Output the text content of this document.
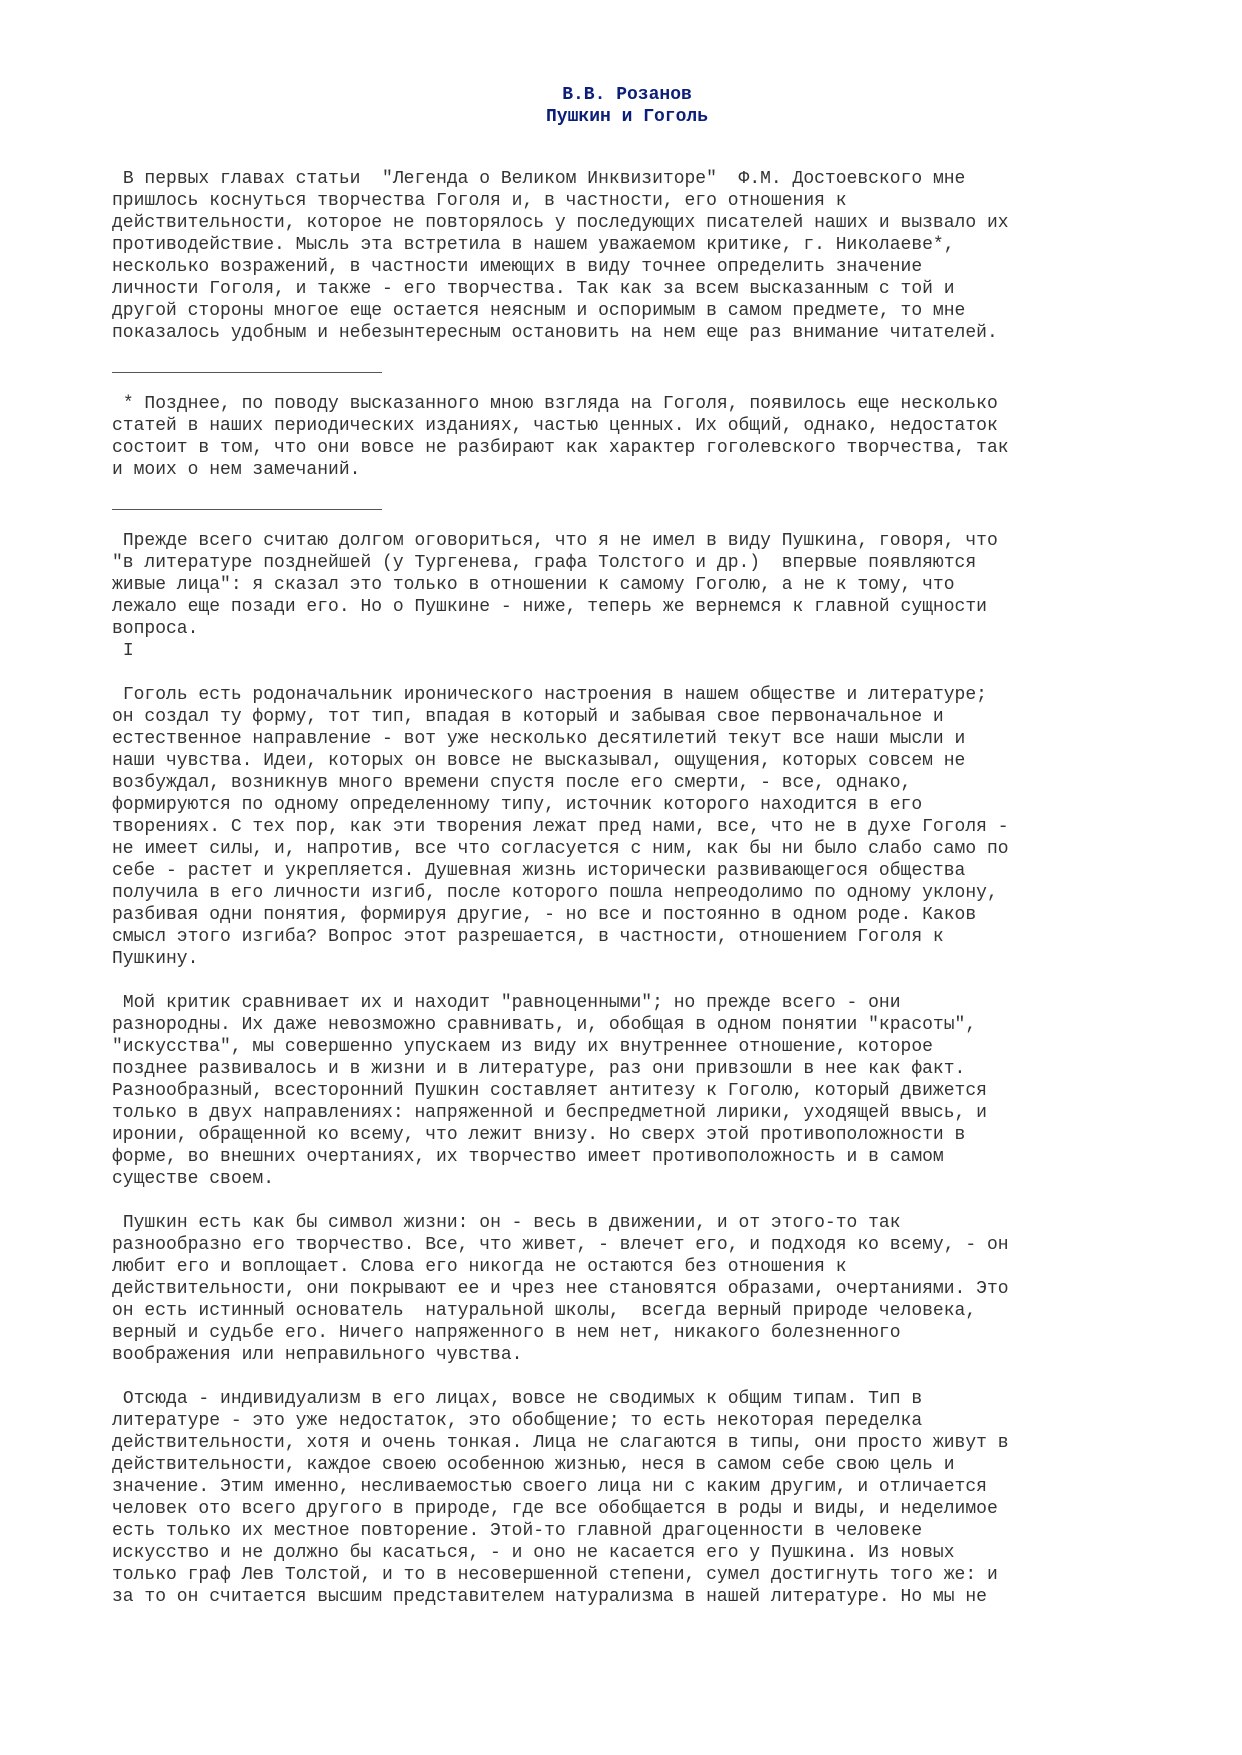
В.В. Розанов
Пушкин и Гоголь

В первых главах статьи  "Легенда о Великом Инквизиторе"  Ф.М. Достоевского мне
пришлось коснуться творчества Гоголя и, в частности, его отношения к
действительности, которое не повторялось у последующих писателей наших и вызвало их
противодействие. Мысль эта встретила в нашем уважаемом критике, г. Николаеве*,
несколько возражений, в частности имеющих в виду точнее определить значение
личности Гоголя, и также - его творчества. Так как за всем высказанным с той и
другой стороны многое еще остается неясным и оспоримым в самом предмете, то мне
показалось удобным и небезынтересным остановить на нем еще раз внимание читателей.

* Позднее, по поводу высказанного мною взгляда на Гоголя, появилось еще несколько
статей в наших периодических изданиях, частью ценных. Их общий, однако, недостаток
состоит в том, что они вовсе не разбирают как характер гоголевского творчества, так
и моих о нем замечаний.

Прежде всего считаю долгом оговориться, что я не имел в виду Пушкина, говоря, что
"в литературе позднейшей (у Тургенева, графа Толстого и др.)  впервые появляются
живые лица": я сказал это только в отношении к самому Гоголю, а не к тому, что
лежало еще позади его. Но о Пушкине - ниже, теперь же вернемся к главной сущности
вопроса.

I

Гоголь есть родоначальник иронического настроения в нашем обществе и литературе;
он создал ту форму, тот тип, впадая в который и забывая свое первоначальное и
естественное направление - вот уже несколько десятилетий текут все наши мысли и
наши чувства. Идеи, которых он вовсе не высказывал, ощущения, которых совсем не
возбуждал, возникнув много времени спустя после его смерти, - все, однако,
формируются по одному определенному типу, источник которого находится в его
творениях. С тех пор, как эти творения лежат пред нами, все, что не в духе Гоголя -
не имеет силы, и, напротив, все что согласуется с ним, как бы ни было слабо само по
себе - растет и укрепляется. Душевная жизнь исторически развивающегося общества
получила в его личности изгиб, после которого пошла непреодолимо по одному уклону,
разбивая одни понятия, формируя другие, - но все и постоянно в одном роде. Каков
смысл этого изгиба? Вопрос этот разрешается, в частности, отношением Гоголя к
Пушкину.

Мой критик сравнивает их и находит "равноценными"; но прежде всего - они
разнородны. Их даже невозможно сравнивать, и, обобщая в одном понятии "красоты",
"искусства", мы совершенно упускаем из виду их внутреннее отношение, которое
позднее развивалось и в жизни и в литературе, раз они привзошли в нее как факт.
Разнообразный, всесторонний Пушкин составляет антитезу к Гоголю, который движется
только в двух направлениях: напряженной и беспредметной лирики, уходящей ввысь, и
иронии, обращенной ко всему, что лежит внизу. Но сверх этой противоположности в
форме, во внешних очертаниях, их творчество имеет противоположность и в самом
существе своем.

Пушкин есть как бы символ жизни: он - весь в движении, и от этого-то так
разнообразно его творчество. Все, что живет, - влечет его, и подходя ко всему, - он
любит его и воплощает. Слова его никогда не остаются без отношения к
действительности, они покрывают ее и чрез нее становятся образами, очертаниями. Это
он есть истинный основатель  натуральной школы,  всегда верный природе человека,
верный и судьбе его. Ничего напряженного в нем нет, никакого болезненного
воображения или неправильного чувства.

Отсюда - индивидуализм в его лицах, вовсе не сводимых к общим типам. Тип в
литературе - это уже недостаток, это обобщение; то есть некоторая переделка
действительности, хотя и очень тонкая. Лица не слагаются в типы, они просто живут в
действительности, каждое своею особенною жизнью, неся в самом себе свою цель и
значение. Этим именно, несливаемостью своего лица ни с каким другим, и отличается
человек ото всего другого в природе, где все обобщается в роды и виды, и неделимое
есть только их местное повторение. Этой-то главной драгоценности в человеке
искусство и не должно бы касаться, - и оно не касается его у Пушкина. Из новых
только граф Лев Толстой, и то в несовершенной степени, сумел достигнуть того же: и
за то он считается высшим представителем натурализма в нашей литературе. Но мы не
